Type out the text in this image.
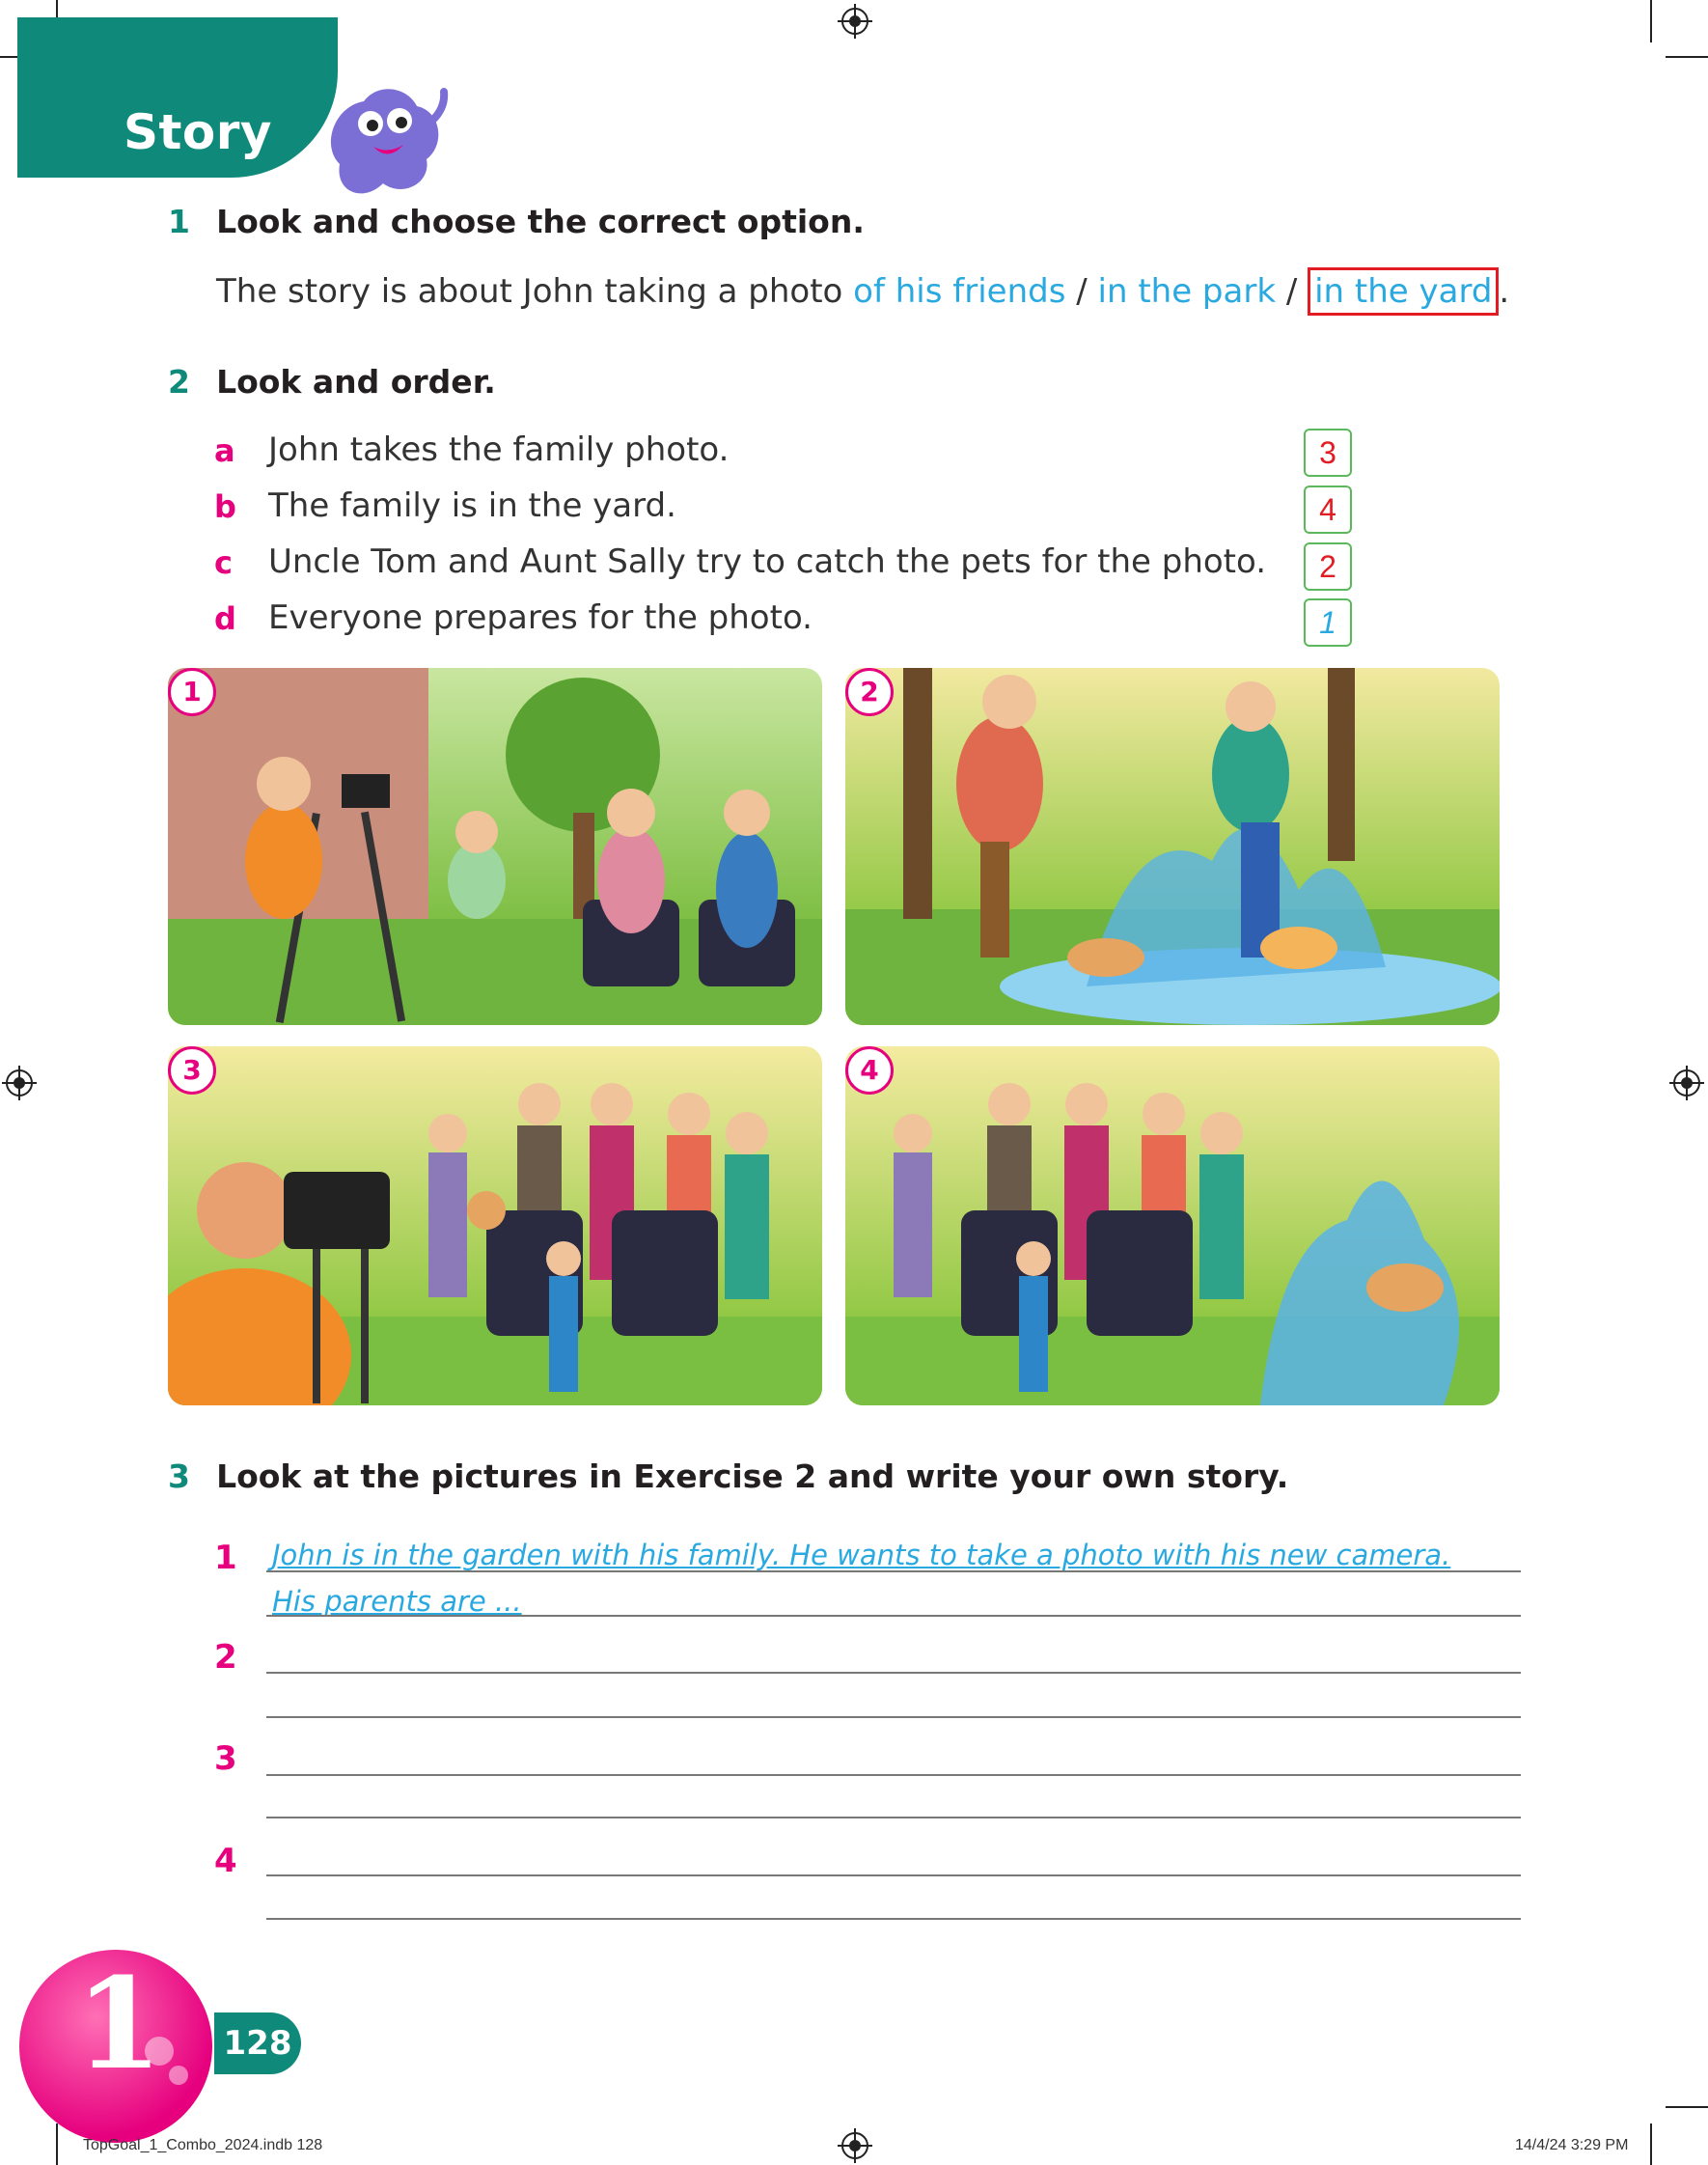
Story
1 Look and choose the correct option.
The story is about John taking a photo of his friends / in the park / in the yard .
2 Look and order.
a John takes the family photo.	3
b The family is in the yard.	4
c Uncle Tom and Aunt Sally try to catch the pets for the photo.	2
d Everyone prepares for the photo.	1
1	2
3	4
3 Look at the pictures in Exercise 2 and write your own story.
1 John is in the garden with his family. He wants to take a photo with his new camera.
His parents are ...
2
3
4
1 128
TopGoal_1_Combo_2024.indb 128	14/4/24 3:29 PM
